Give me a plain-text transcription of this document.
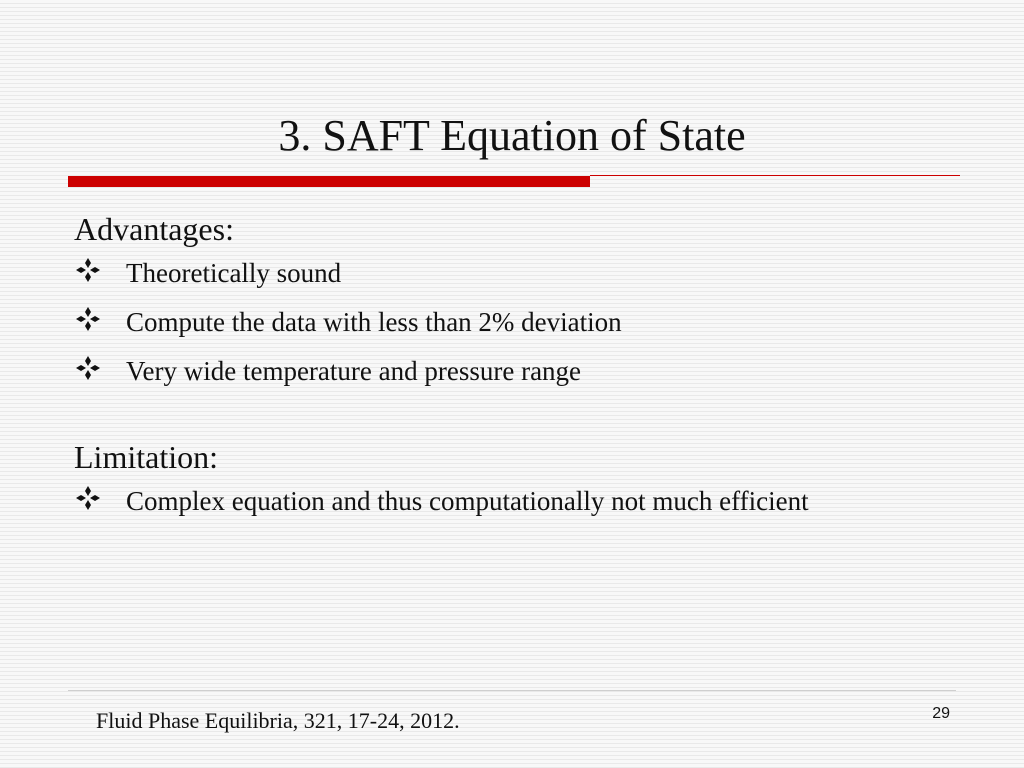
3. SAFT Equation of State

Advantages:

Theoretically sound
Compute the data with less than 2% deviation
Very wide temperature and pressure range

Limitation:

Complex equation and thus computationally not much efficient
Fluid Phase Equilibria, 321, 17-24, 2012.	29
